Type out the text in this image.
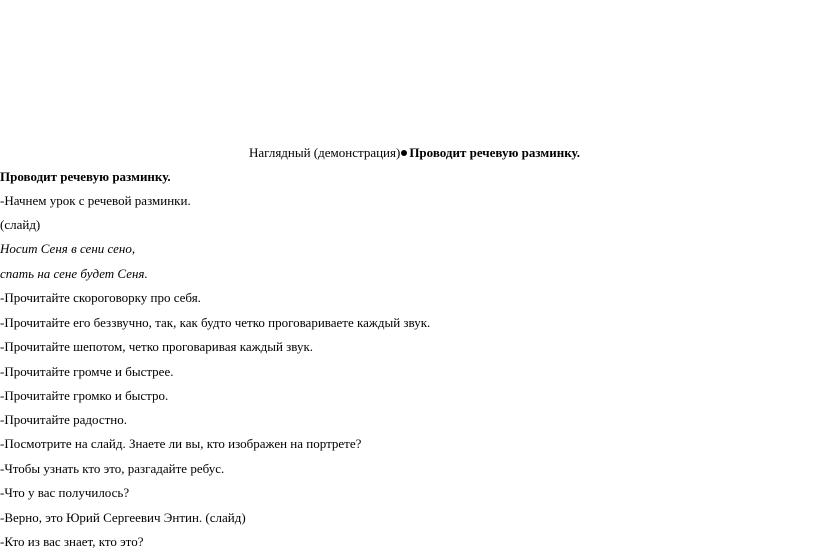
Наглядный (демонстрация) Проводит речевую разминку.
Проводит речевую разминку.
-Начнем урок с речевой разминки.
(слайд)
Носит Сеня в сени сено,
спать на сене будет Сеня.
-Прочитайте скороговорку про себя.
-Прочитайте его беззвучно, так, как будто четко проговариваете каждый звук.
-Прочитайте шепотом, четко проговаривая каждый звук.
-Прочитайте громче и быстрее.
-Прочитайте громко и быстро.
-Прочитайте радостно.
-Посмотрите на слайд. Знаете ли вы, кто изображен на портрете?
-Чтобы узнать кто это, разгадайте ребус.
-Что у вас получилось?
-Верно, это Юрий Сергеевич Энтин. (слайд)
-Кто из вас знает, кто это?
